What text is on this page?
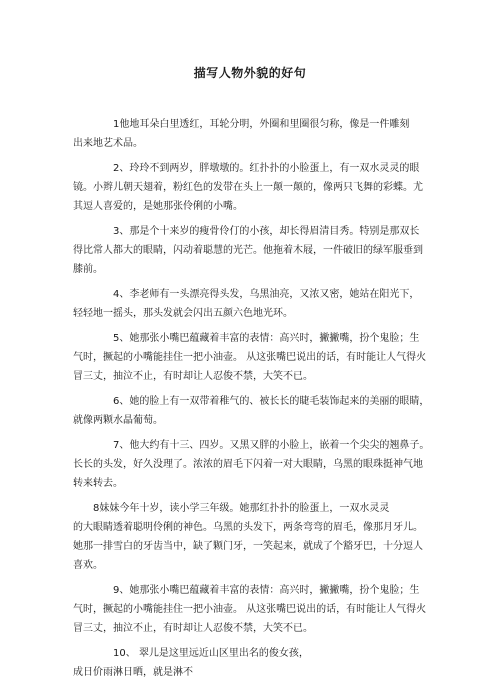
描写人物外貌的好句

1他地耳朵白里透红，耳轮分明，外圈和里圈很匀称，像是一件雕刻
出来地艺术品。

2、玲玲不到两岁，胖墩墩的。红扑扑的小脸蛋上，有一双水灵灵的眼
镜。小辫儿朝天翅着，粉红色的发带在头上一颠一颠的，像两只飞舞的彩蝶。尤
其逗人喜爱的，是她那张伶俐的小嘴。

3、那是个十来岁的瘦骨伶仃的小孩，却长得眉清目秀。特别是那双长
得比常人都大的眼睛，闪动着聪慧的光芒。他拖着木屐，一件破旧的绿军服垂到
膝前。

4、李老师有一头漂亮得头发，乌黑油亮，又浓又密，她站在阳光下，
轻轻地一摇头，那头发就会闪出五颜六色地光环。

5、她那张小嘴巴蕴藏着丰富的表情：高兴时，撇撇嘴，扮个鬼脸；生
气时，撅起的小嘴能挂住一把小油壶。 从这张嘴巴说出的话，有时能让人气得火
冒三丈，抽泣不止，有时却让人忍俊不禁，大笑不已。

6、她的脸上有一双带着稚气的、被长长的睫毛装饰起来的美丽的眼睛，
就像两颗水晶葡萄。

7、他大约有十三、四岁。又黑又胖的小脸上，嵌着一个尖尖的翘鼻子。
长长的头发，好久没理了。浓浓的眉毛下闪着一对大眼睛，乌黑的眼珠挺神气地
转来转去。

8妹妹今年十岁，读小学三年级。她那红扑扑的脸蛋上，一双水灵灵
的大眼睛透着聪明伶俐的神色。乌黑的头发下，两条弯弯的眉毛，像那月牙儿。
她那一排雪白的牙齿当中，缺了颗门牙，一笑起来，就成了个豁牙巴，十分逗人
喜欢。

9、她那张小嘴巴蕴藏着丰富的表情：高兴时，撇撇嘴，扮个鬼脸；生
气时，撅起的小嘴能挂住一把小油壶。 从这张嘴巴说出的话，有时能让人气得火
冒三丈，抽泣不止，有时却让人忍俊不禁，大笑不已。

10、 翠儿是这里远近山区里出名的俊女孩，
成日价雨淋日晒，就是淋不
